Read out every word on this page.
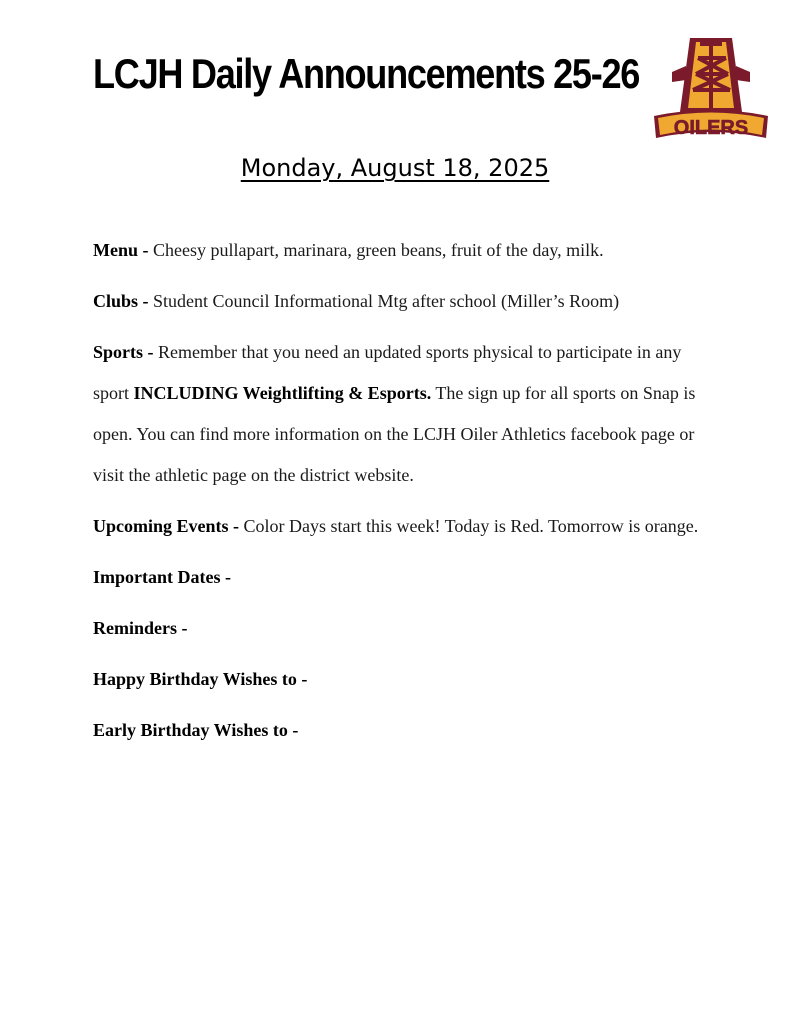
LCJH Daily Announcements 25-26
OILERS
Monday, August 18, 2025

Menu - Cheesy pullapart, marinara, green beans, fruit of the day, milk.

Clubs - Student Council Informational Mtg after school (Miller’s Room)

Sports - Remember that you need an updated sports physical to participate in any sport INCLUDING Weightlifting & Esports. The sign up for all sports on Snap is open. You can find more information on the LCJH Oiler Athletics facebook page or visit the athletic page on the district website.

Upcoming Events - Color Days start this week! Today is Red. Tomorrow is orange.

Important Dates -

Reminders -

Happy Birthday Wishes to -

Early Birthday Wishes to -
